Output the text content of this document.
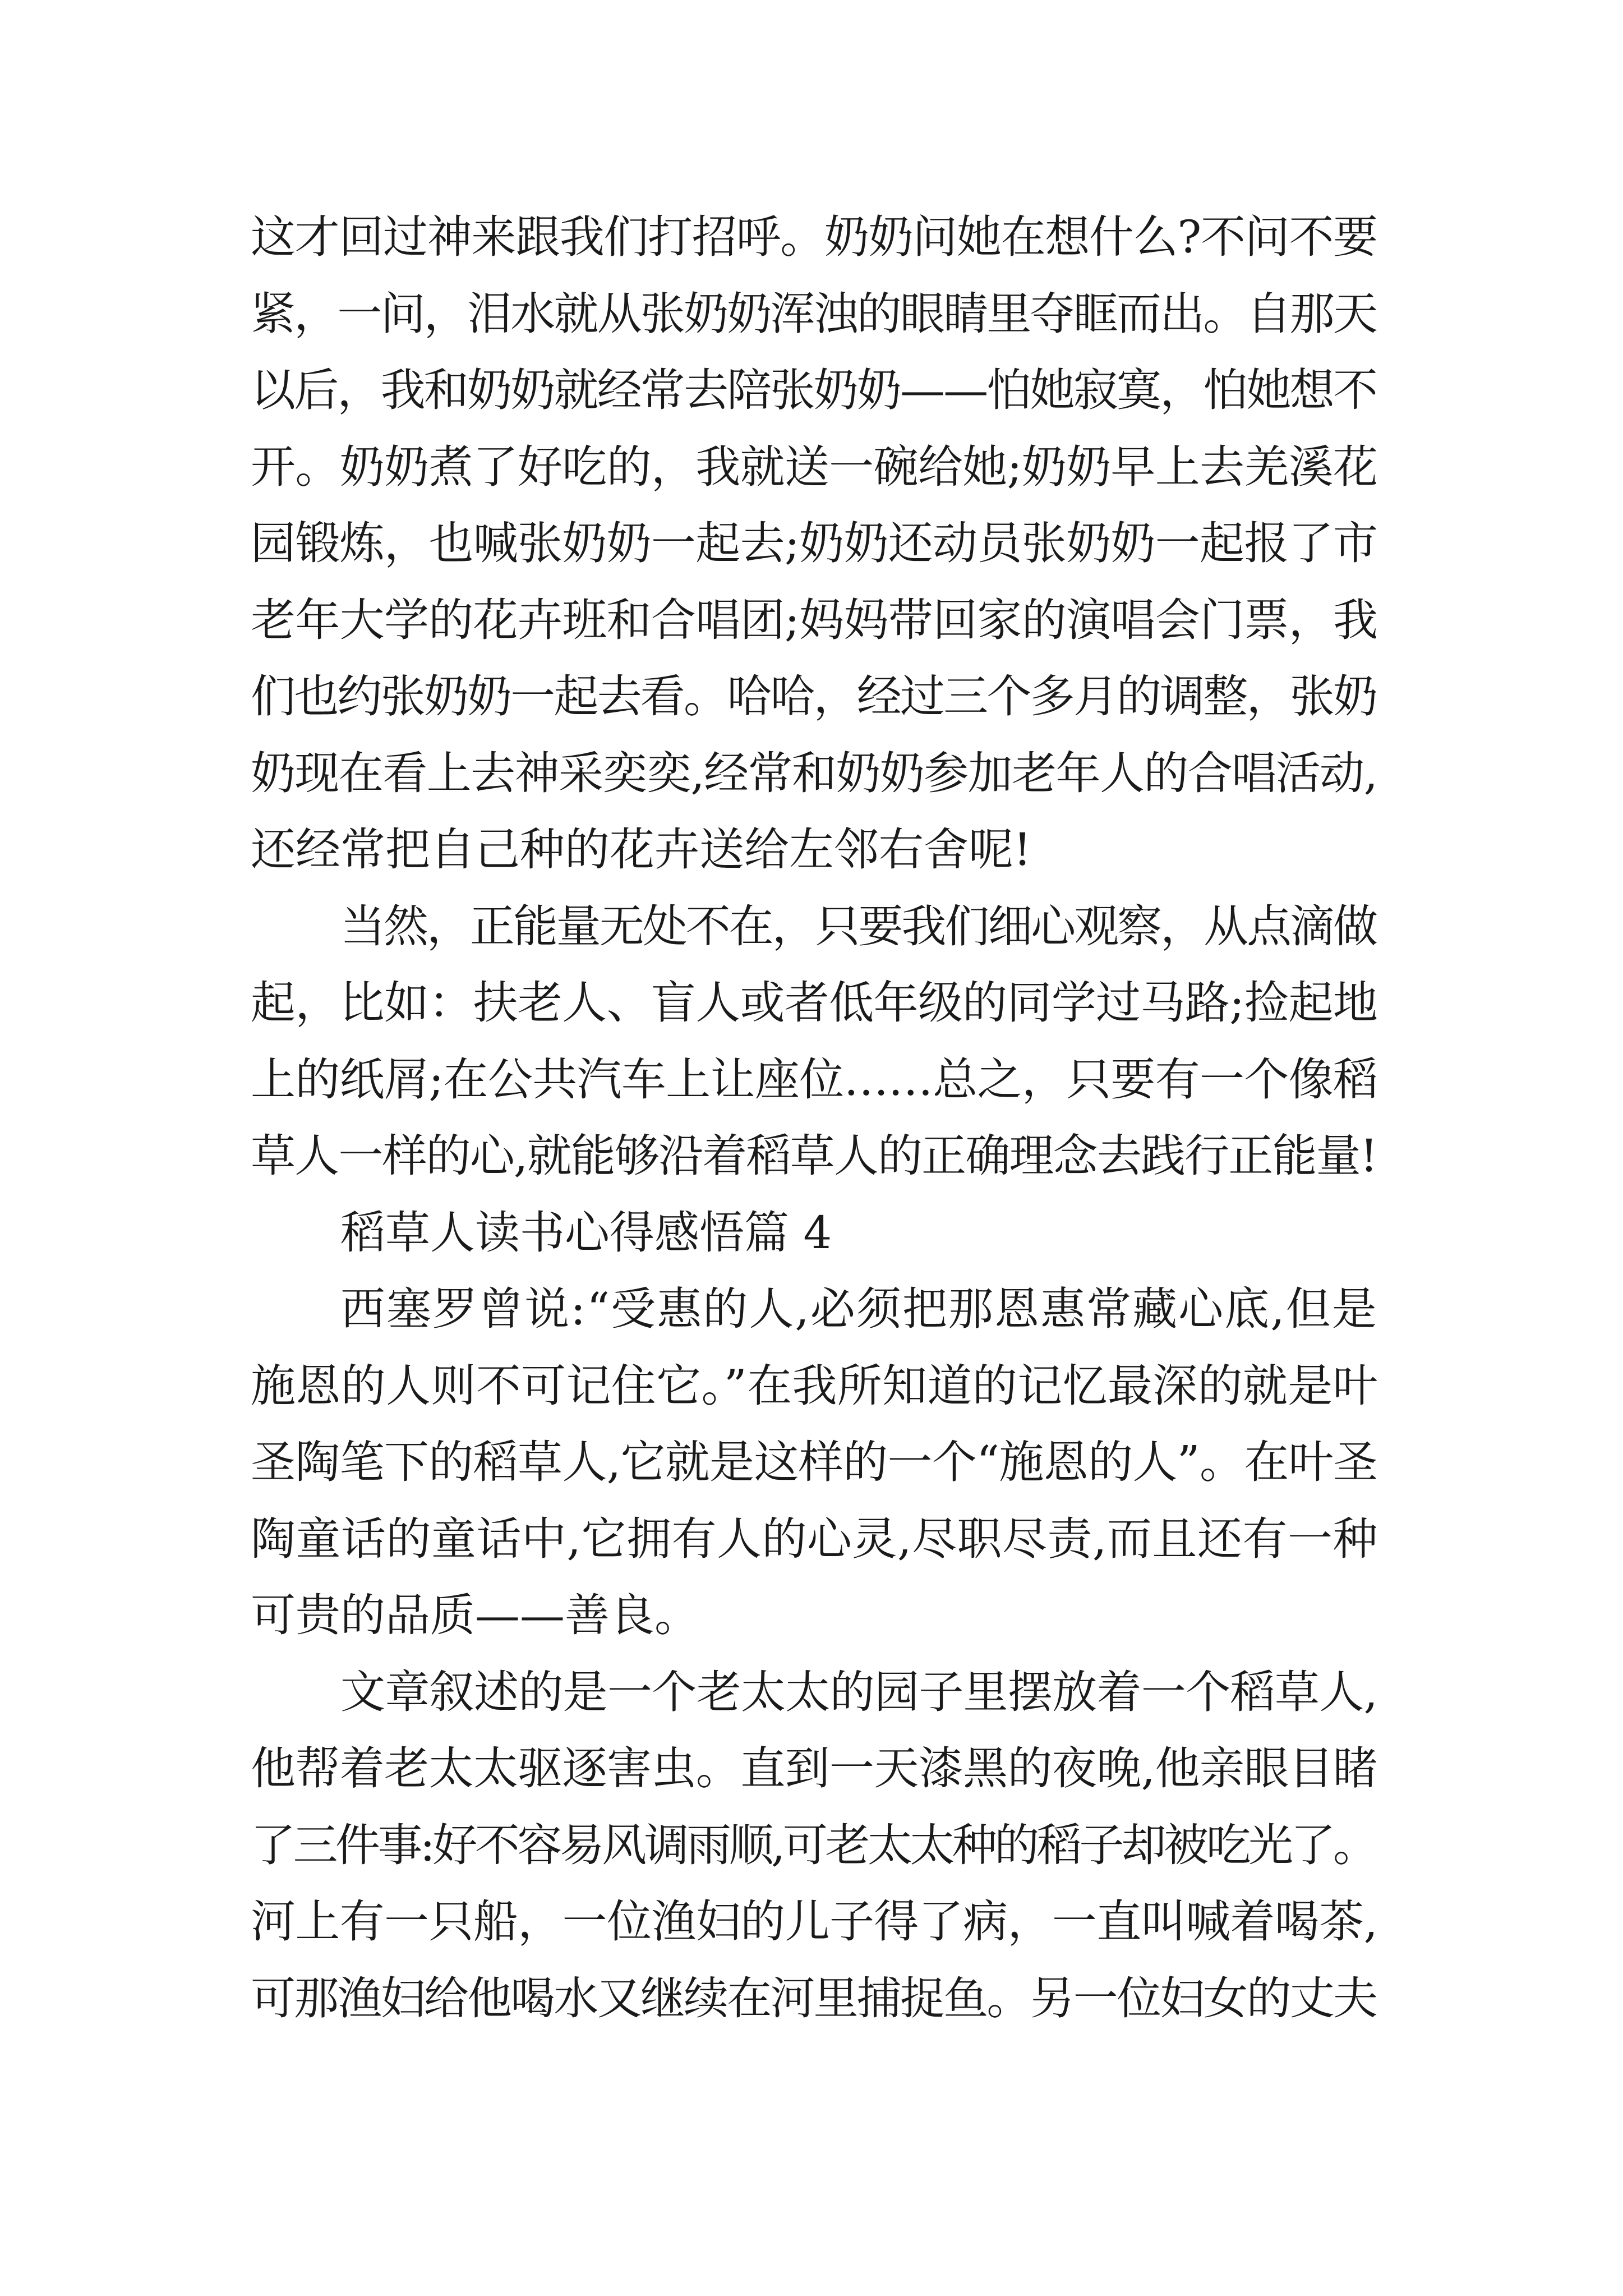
这才回过神来跟我们打招呼。奶奶问她在想什么?不问不要
紧，一问，泪水就从张奶奶浑浊的眼睛里夺眶而出。自那天
以后，我和奶奶就经常去陪张奶奶——怕她寂寞，怕她想不
开。奶奶煮了好吃的，我就送一碗给她;奶奶早上去羌溪花
园锻炼，也喊张奶奶一起去;奶奶还动员张奶奶一起报了市
老年大学的花卉班和合唱团;妈妈带回家的演唱会门票，我
们也约张奶奶一起去看。哈哈，经过三个多月的调整，张奶
奶现在看上去神采奕奕,经常和奶奶参加老年人的合唱活动,
还经常把自己种的花卉送给左邻右舍呢!
当然，正能量无处不在，只要我们细心观察，从点滴做
起，比如：扶老人、盲人或者低年级的同学过马路;捡起地
上的纸屑;在公共汽车上让座位……总之，只要有一个像稻
草人一样的心,就能够沿着稻草人的正确理念去践行正能量!
稻草人读书心得感悟篇 4
西塞罗曾说:“受惠的人,必须把那恩惠常藏心底,但是
施恩的人则不可记住它。”在我所知道的记忆最深的就是叶
圣陶笔下的稻草人,它就是这样的一个“施恩的人”。在叶圣
陶童话的童话中,它拥有人的心灵,尽职尽责,而且还有一种
可贵的品质——善良。
文章叙述的是一个老太太的园子里摆放着一个稻草人,
他帮着老太太驱逐害虫。直到一天漆黑的夜晚,他亲眼目睹
了三件事:好不容易风调雨顺,可老太太种的稻子却被吃光了。
河上有一只船，一位渔妇的儿子得了病，一直叫喊着喝茶,
可那渔妇给他喝水又继续在河里捕捉鱼。另一位妇女的丈夫
